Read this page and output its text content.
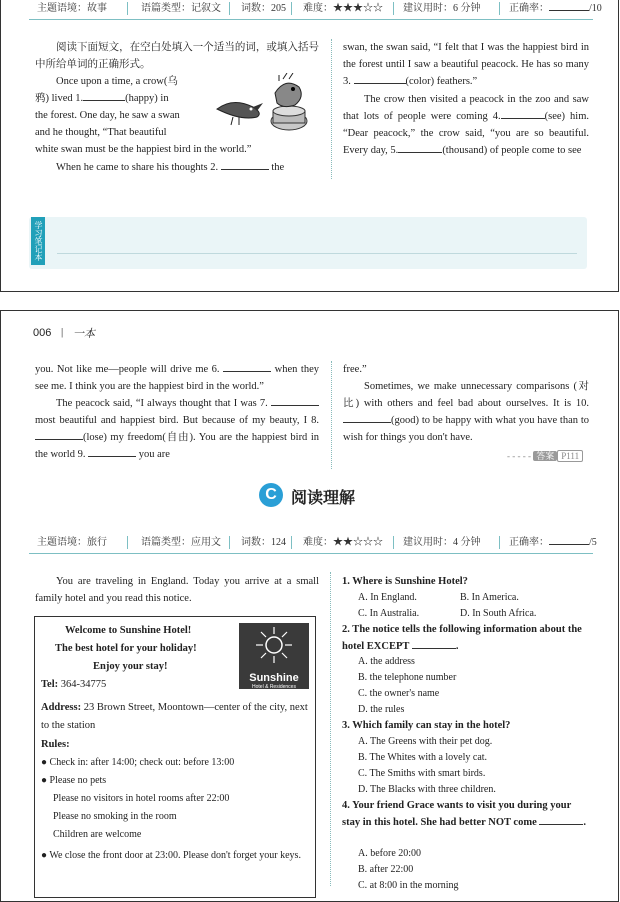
主题语境：故事	语篇类型：记叙文 词数：205 难度：★★★☆☆ 建议用时：6 分钟	正确率：	/10
阅读下面短文，在空白处填入一个适当的词，或填入括号中所给单词的正确形式。
Once upon a time, a crow(乌
鸦) lived 1.	(happy) in
the forest. One day, he saw a swan
and he thought, “That beautiful
white swan must be the happiest bird in the world.”
When he came to share his thoughts 2.	the
swan, the swan said, “I felt that I was the happiest bird in the forest until I saw a beautiful peacock. He has so many 3.	(color) feathers.”
The crow then visited a peacock in the zoo and saw that lots of people were coming 4.	(see) him. “Dear peacock,” the crow said, “you are so beautiful. Every day, 5.	(thousand) of people come to see
学习笔记本
006 | 一本
you. Not like me—people will drive me 6.	when they see me. I think you are the happiest bird in the world.”
The peacock said, “I always thought that I was 7.  most beautiful and happiest bird. But because of my beauty, I 8. (lose) my freedom(自由). You are the happiest bird in the world 9.	you are
free.”
Sometimes, we make unnecessary comparisons (对比) with others and feel bad about ourselves. It is 10.(good) to be happy with what you have than to wish for things you don't have.
- - - - - 答案 P111
C 阅读理解
主题语境：旅行	语篇类型：应用文 词数：124 难度：★★☆☆☆ 建议用时：4 分钟	正确率：	/5
You are traveling in England. Today you arrive at a small family hotel and you read this notice.
Welcome to Sunshine Hotel!
The best hotel for your holiday!
Enjoy your stay!
Tel: 364-34775
Sunshine
Hotel & Residences
Address: 23 Brown Street, Moontown—center of the city, next to the station
Rules:
● Check in: after 14:00; check out: before 13:00
● Please no pets
Please no visitors in hotel rooms after 22:00
Please no smoking in the room
Children are welcome
● We close the front door at 23:00. Please don't forget your keys.
1. Where is Sunshine Hotel?
A. In England.	B. In America.
C. In Australia.	D. In South Africa.
2. The notice tells the following information about the hotel EXCEPT	.
A. the address
B. the telephone number
C. the owner's name
D. the rules
3. Which family can stay in the hotel?
A. The Greens with their pet dog.
B. The Whites with a lovely cat.
C. The Smiths with smart birds.
D. The Blacks with three children.
4. Your friend Grace wants to visit you during your stay in this hotel. She had better NOT come	.
A. before 20:00
B. after 22:00
C. at 8:00 in the morning
